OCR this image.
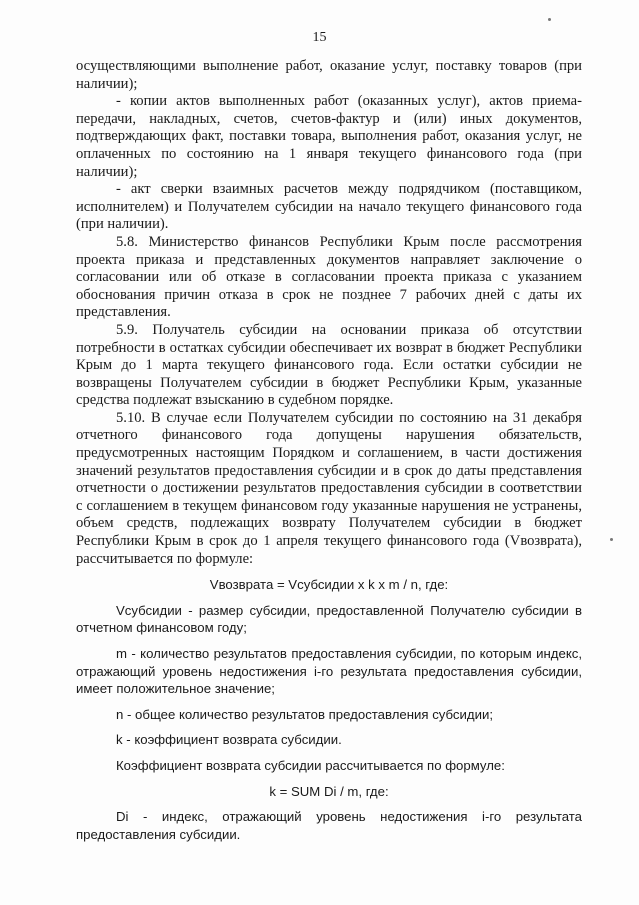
15

осуществляющими выполнение работ, оказание услуг, поставку товаров (при наличии);

- копии актов выполненных работ (оказанных услуг), актов приема-передачи, накладных, счетов, счетов-фактур и (или) иных документов, подтверждающих факт, поставки товара, выполнения работ, оказания услуг, не оплаченных по состоянию на 1 января текущего финансового года (при наличии);

- акт сверки взаимных расчетов между подрядчиком (поставщиком, исполнителем) и Получателем субсидии на начало текущего финансового года (при наличии).

5.8. Министерство финансов Республики Крым после рассмотрения проекта приказа и представленных документов направляет заключение о согласовании или об отказе в согласовании проекта приказа с указанием обоснования причин отказа в срок не позднее 7 рабочих дней с даты их представления.

5.9. Получатель субсидии на основании приказа об отсутствии потребности в остатках субсидии обеспечивает их возврат в бюджет Республики Крым до 1 марта текущего финансового года. Если остатки субсидии не возвращены Получателем субсидии в бюджет Республики Крым, указанные средства подлежат взысканию в судебном порядке.

5.10. В случае если Получателем субсидии по состоянию на 31 декабря отчетного финансового года допущены нарушения обязательств, предусмотренных настоящим Порядком и соглашением, в части достижения значений результатов предоставления субсидии и в срок до даты представления отчетности о достижении результатов предоставления субсидии в соответствии с соглашением в текущем финансовом году указанные нарушения не устранены, объем средств, подлежащих возврату Получателем субсидии в бюджет Республики Крым в срок до 1 апреля текущего финансового года (Vвозврата), рассчитывается по формуле:

Vвозврата = Vсубсидии х k х m / n, где:

Vсубсидии - размер субсидии, предоставленной Получателю субсидии в отчетном финансовом году;

m - количество результатов предоставления субсидии, по которым индекс, отражающий уровень недостижения i-го результата предоставления субсидии, имеет положительное значение;

n - общее количество результатов предоставления субсидии;

k - коэффициент возврата субсидии.

Коэффициент возврата субсидии рассчитывается по формуле:

k = SUM Di / m, где:

Di - индекс, отражающий уровень недостижения i-го результата предоставления субсидии.
